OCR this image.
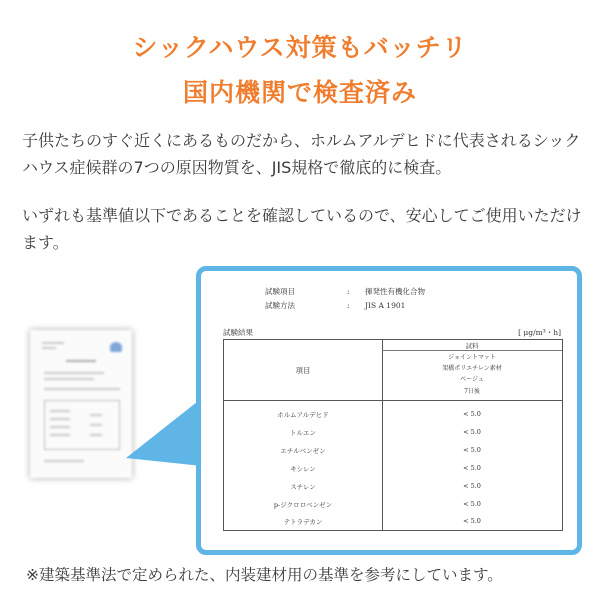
シックハウス対策もバッチリ
国内機関で検査済み

子供たちのすぐ近くにあるものだから、ホルムアルデヒドに代表されるシックハウス症候群の7つの原因物質を、JIS規格で徹底的に検査。

いずれも基準値以下であることを確認しているので、安心してご使用いただけます。

試験項目	: 揮発性有機化合物
試験方法	: JIS A 1901
試験結果	[ μg/m³・h]
項目
試料
ジョイントマット
架橋ポリエチレン素材
ベージュ
7日後
ホルムアルデヒド	< 5.0
トルエン	< 5.0
エチルベンゼン	< 5.0
キシレン	< 5.0
スチレン	< 5.0
p-ジクロロベンゼン	< 5.0
テトラデカン	< 5.0

※建築基準法で定められた、内装建材用の基準を参考にしています。
